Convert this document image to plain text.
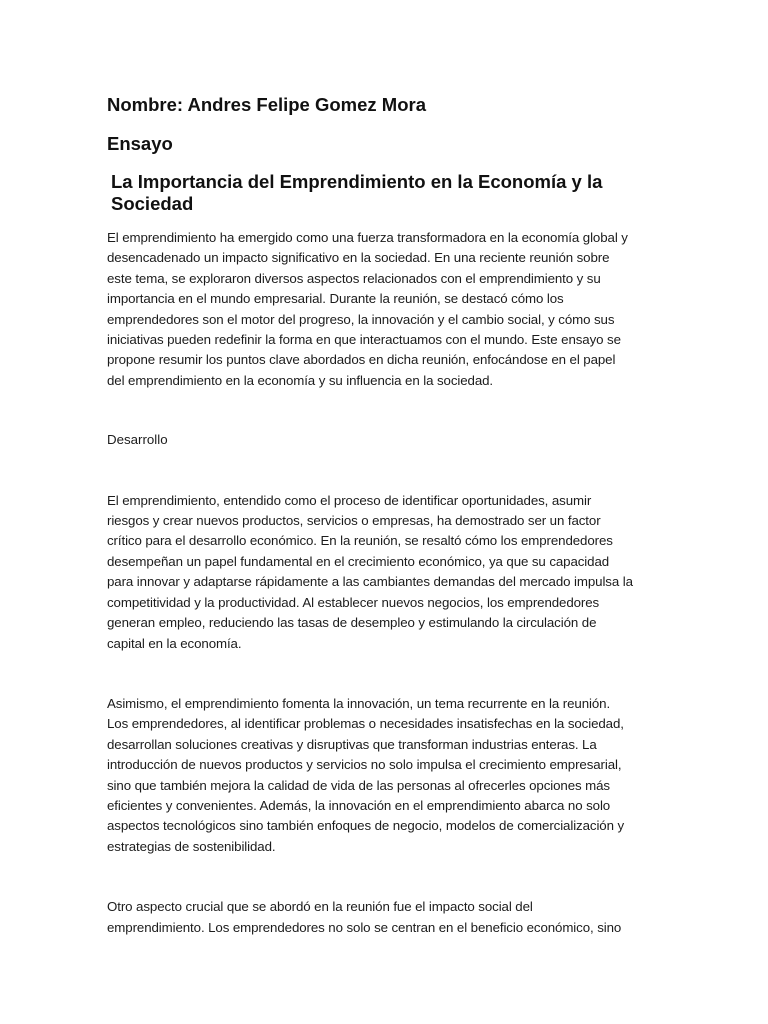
Nombre: Andres Felipe Gomez Mora
Ensayo
La Importancia del Emprendimiento en la Economía y la Sociedad
El emprendimiento ha emergido como una fuerza transformadora en la economía global y
desencadenado un impacto significativo en la sociedad. En una reciente reunión sobre
este tema, se exploraron diversos aspectos relacionados con el emprendimiento y su
importancia en el mundo empresarial. Durante la reunión, se destacó cómo los
emprendedores son el motor del progreso, la innovación y el cambio social, y cómo sus
iniciativas pueden redefinir la forma en que interactuamos con el mundo. Este ensayo se
propone resumir los puntos clave abordados en dicha reunión, enfocándose en el papel
del emprendimiento en la economía y su influencia en la sociedad.
Desarrollo
El emprendimiento, entendido como el proceso de identificar oportunidades, asumir
riesgos y crear nuevos productos, servicios o empresas, ha demostrado ser un factor
crítico para el desarrollo económico. En la reunión, se resaltó cómo los emprendedores
desempeñan un papel fundamental en el crecimiento económico, ya que su capacidad
para innovar y adaptarse rápidamente a las cambiantes demandas del mercado impulsa la
competitividad y la productividad. Al establecer nuevos negocios, los emprendedores
generan empleo, reduciendo las tasas de desempleo y estimulando la circulación de
capital en la economía.
Asimismo, el emprendimiento fomenta la innovación, un tema recurrente en la reunión.
Los emprendedores, al identificar problemas o necesidades insatisfechas en la sociedad,
desarrollan soluciones creativas y disruptivas que transforman industrias enteras. La
introducción de nuevos productos y servicios no solo impulsa el crecimiento empresarial,
sino que también mejora la calidad de vida de las personas al ofrecerles opciones más
eficientes y convenientes. Además, la innovación en el emprendimiento abarca no solo
aspectos tecnológicos sino también enfoques de negocio, modelos de comercialización y
estrategias de sostenibilidad.
Otro aspecto crucial que se abordó en la reunión fue el impacto social del
emprendimiento. Los emprendedores no solo se centran en el beneficio económico, sino
